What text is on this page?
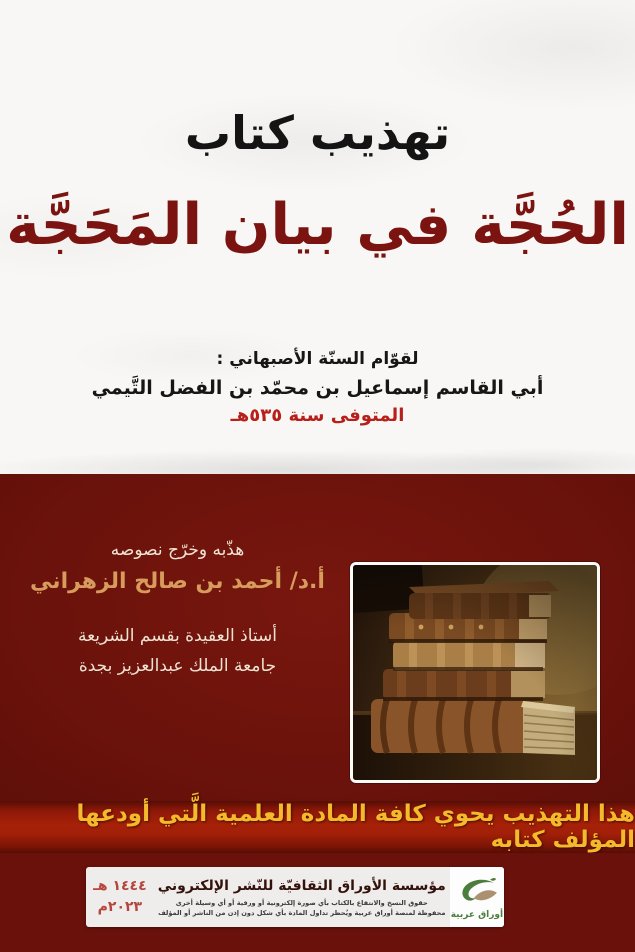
تهذيب كتاب
الحُجَّة في بيان المَحَجَّة
لقوّام السنّة الأصبهاني :
أبي القاسم إسماعيل بن محمّد بن الفضل التَّيمي
المتوفى سنة ٥٣٥هـ
هذّبه وخرّج نصوصه
أ.د/ أحمد بن صالح الزهراني
أستاذ العقيدة بقسم الشريعة
جامعة الملك عبدالعزيز بجدة
هذا التهذيب يحوي كافة المادة العلمية الَّتي أودعها المؤلف كتابه
١٤٤٤ هـ
٢٠٢٣م
مؤسسة الأوراق الثقافيّة للنّشر الإلكتروني
حقوق النسخ والانتفاع بالكتاب بأي صورة إلكترونية أو ورقية أو أي وسيلة أخرى
محفوظة لمنصة أوراق عربية ويُحظر تداول المادة بأي شكل دون إذن من الناشر أو المؤلف أوراق عربية
